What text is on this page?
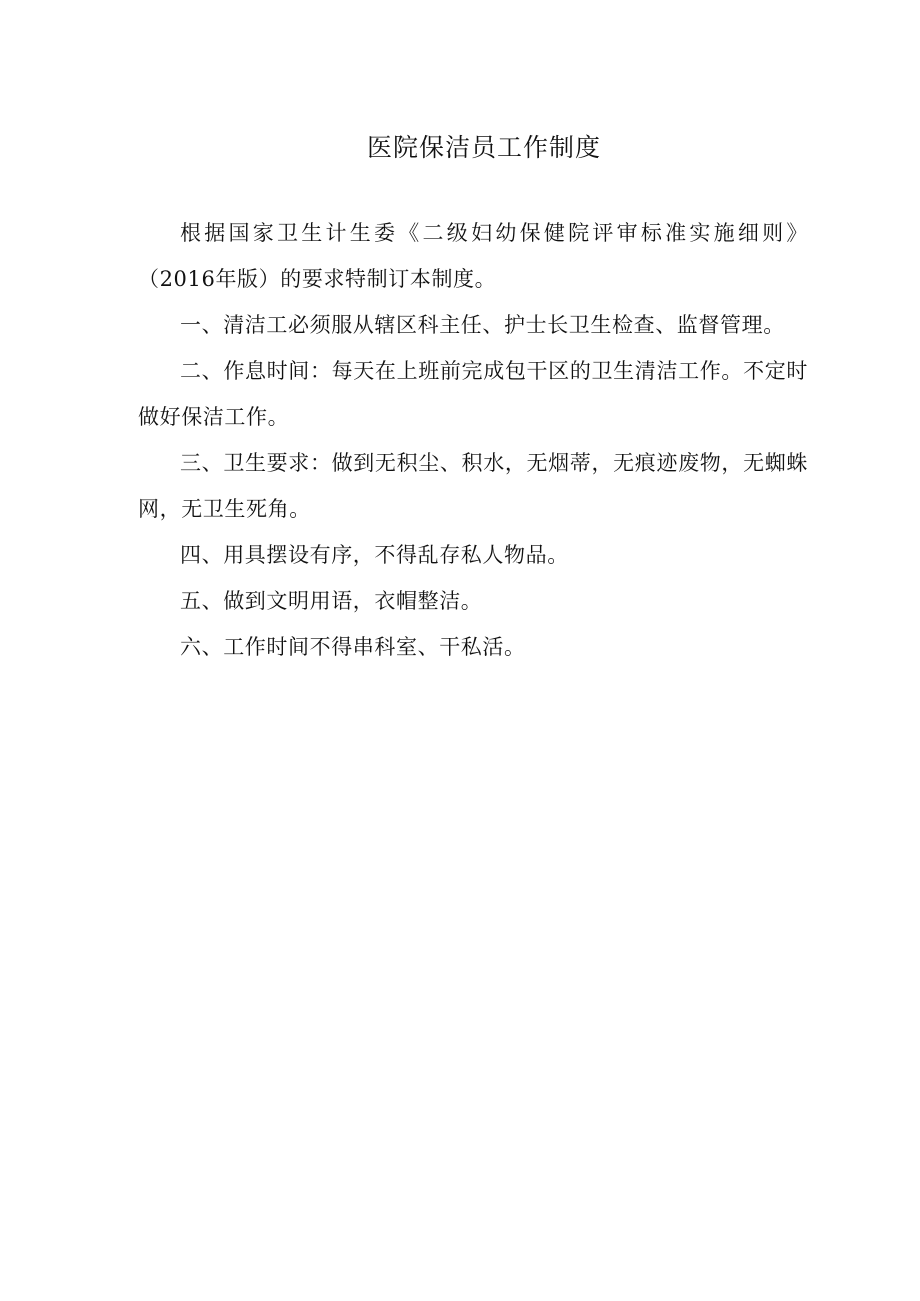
医院保洁员工作制度

根据国家卫生计生委《二级妇幼保健院评审标准实施细则》（2016年版）的要求特制订本制度。

一、清洁工必须服从辖区科主任、护士长卫生检查、监督管理。

二、作息时间：每天在上班前完成包干区的卫生清洁工作。不定时做好保洁工作。

三、卫生要求：做到无积尘、积水，无烟蒂，无痕迹废物，无蜘蛛网，无卫生死角。

四、用具摆设有序，不得乱存私人物品。

五、做到文明用语，衣帽整洁。

六、工作时间不得串科室、干私活。
